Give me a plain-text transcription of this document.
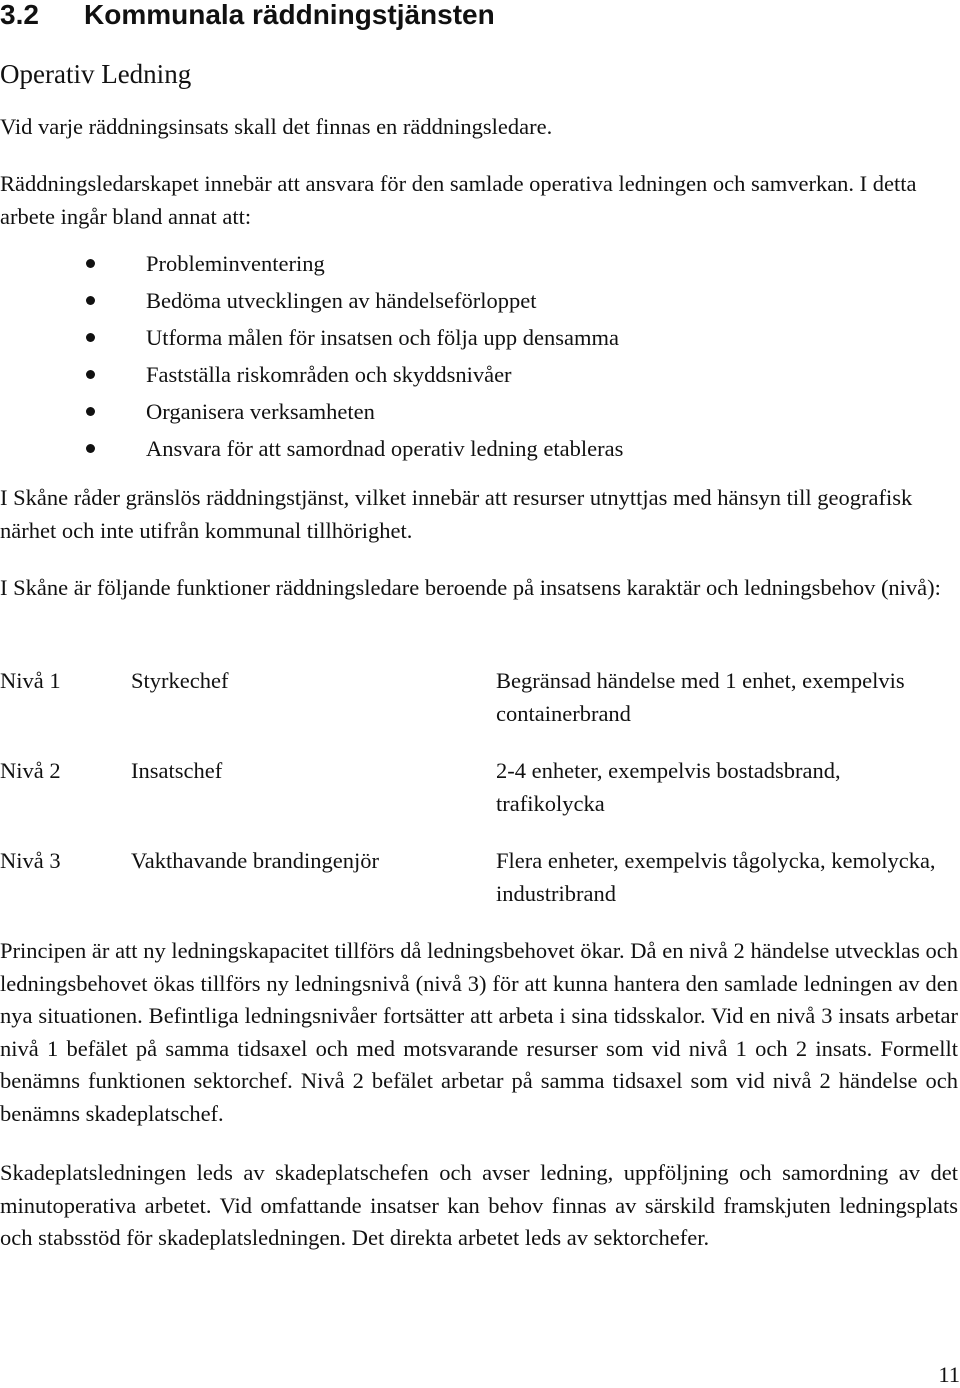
3.2 Kommunala räddningstjänsten
Operativ Ledning

Vid varje räddningsinsats skall det finnas en räddningsledare.

Räddningsledarskapet innebär att ansvara för den samlade operativa ledningen och samverkan. I detta arbete ingår bland annat att:

Probleminventering
Bedöma utvecklingen av händelseförloppet
Utforma målen för insatsen och följa upp densamma
Fastställa riskområden och skyddsnivåer
Organisera verksamheten
Ansvara för att samordnad operativ ledning etableras

I Skåne råder gränslös räddningstjänst, vilket innebär att resurser utnyttjas med hänsyn till geografisk närhet och inte utifrån kommunal tillhörighet.

I Skåne är följande funktioner räddningsledare beroende på insatsens karaktär och ledningsbehov (nivå):

Nivå 1	Styrkechef	Begränsad händelse med 1 enhet, exempelvis containerbrand
Nivå 2	Insatschef	2-4 enheter, exempelvis bostadsbrand, trafikolycka
Nivå 3	Vakthavande brandingenjör	Flera enheter, exempelvis tågolycka, kemolycka, industribrand

Principen är att ny ledningskapacitet tillförs då ledningsbehovet ökar. Då en nivå 2 händelse utvecklas och ledningsbehovet ökas tillförs ny ledningsnivå (nivå 3) för att kunna hantera den samlade ledningen av den nya situationen. Befintliga ledningsnivåer fortsätter att arbeta i sina tidsskalor. Vid en nivå 3 insats arbetar nivå 1 befälet på samma tidsaxel och med motsvarande resurser som vid nivå 1 och 2 insats. Formellt benämns funktionen sektorchef. Nivå 2 befälet arbetar på samma tidsaxel som vid nivå 2 händelse och benämns skadeplatschef.

Skadeplatsledningen leds av skadeplatschefen och avser ledning, uppföljning och samordning av det minutoperativa arbetet. Vid omfattande insatser kan behov finnas av särskild framskjuten ledningsplats och stabsstöd för skadeplatsledningen. Det direkta arbetet leds av sektorchefer.

11
